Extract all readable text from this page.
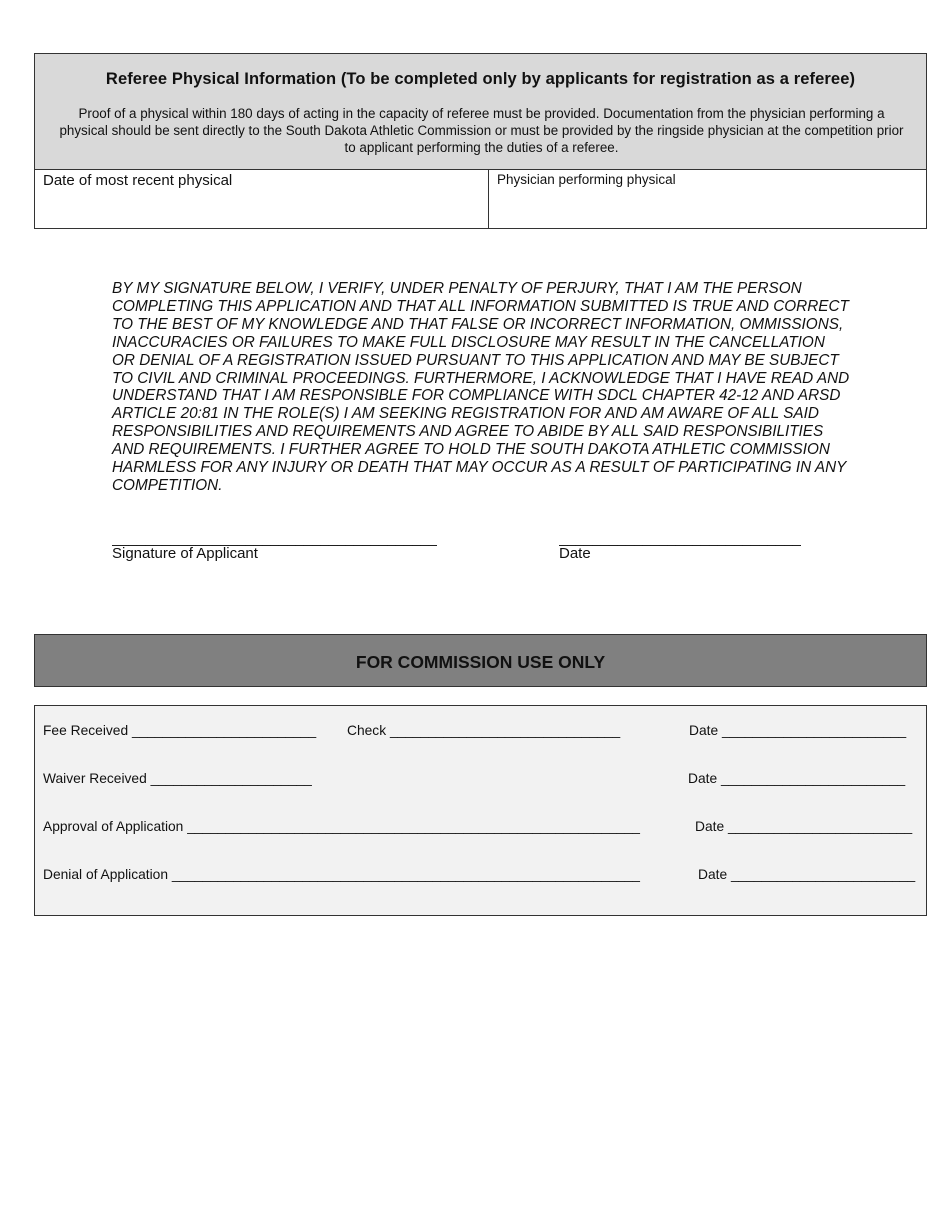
Referee Physical Information (To be completed only by applicants for registration as a referee)
Proof of a physical within 180 days of acting in the capacity of referee must be provided. Documentation from the physician performing a physical should be sent directly to the South Dakota Athletic Commission or must be provided by the ringside physician at the competition prior to applicant performing the duties of a referee.
Date of most recent physical	Physician performing physical

BY MY SIGNATURE BELOW, I VERIFY, UNDER PENALTY OF PERJURY, THAT I AM THE PERSON COMPLETING THIS APPLICATION AND THAT ALL INFORMATION SUBMITTED IS TRUE AND CORRECT TO THE BEST OF MY KNOWLEDGE AND THAT FALSE OR INCORRECT INFORMATION, OMMISSIONS, INACCURACIES OR FAILURES TO MAKE FULL DISCLOSURE MAY RESULT IN THE CANCELLATION OR DENIAL OF A REGISTRATION ISSUED PURSUANT TO THIS APPLICATION AND MAY BE SUBJECT TO CIVIL AND CRIMINAL PROCEEDINGS. FURTHERMORE, I ACKNOWLEDGE THAT I HAVE READ AND UNDERSTAND THAT I AM RESPONSIBLE FOR COMPLIANCE WITH SDCL CHAPTER 42-12 AND ARSD ARTICLE 20:81 IN THE ROLE(S) I AM SEEKING REGISTRATION FOR AND AM AWARE OF ALL SAID RESPONSIBILITIES AND REQUIREMENTS AND AGREE TO ABIDE BY ALL SAID RESPONSIBILITIES AND REQUIREMENTS. I FURTHER AGREE TO HOLD THE SOUTH DAKOTA ATHLETIC COMMISSION HARMLESS FOR ANY INJURY OR DEATH THAT MAY OCCUR AS A RESULT OF PARTICIPATING IN ANY COMPETITION.

_______________________________________
Signature of Applicant
_____________________________
Date
FOR COMMISSION USE ONLY
Fee Received ________________________ Check ______________________________	Date ________________________
Waiver Received _____________________	Date ________________________
Approval of Application ___________________________________________________________	Date ________________________
Denial of Application _____________________________________________________________	Date ________________________
